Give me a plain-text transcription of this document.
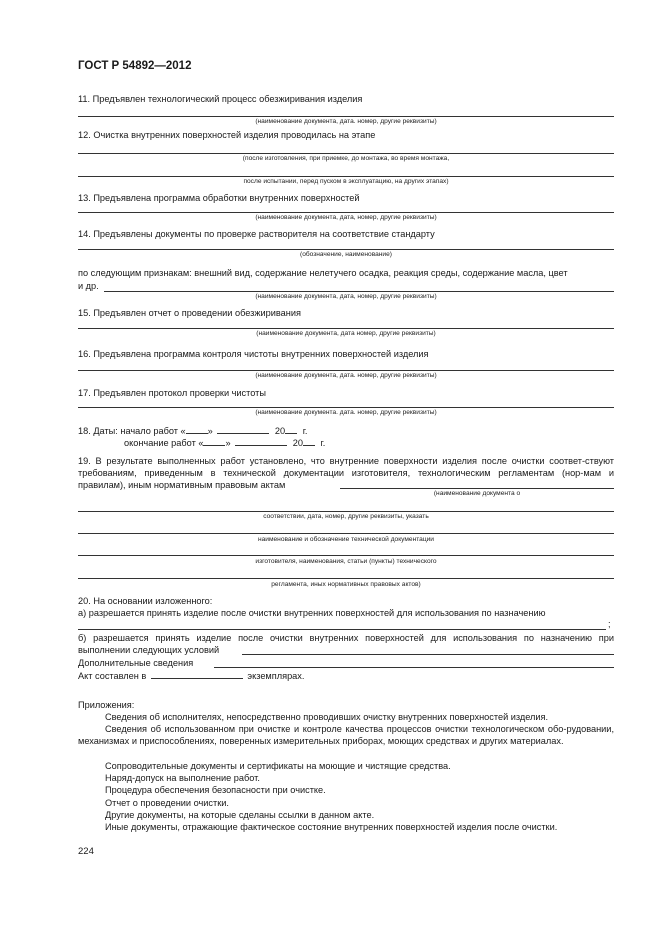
ГОСТ Р 54892—2012
11. Предъявлен технологический процесс обезжиривания изделия
(наименование документа, дата. номер, другие реквизиты)
12. Очистка внутренних поверхностей изделия проводилась на этапе
(после изготовления, при приемке, до монтажа, во время монтажа,
после испытании, перед пуском в эксплуатацию, на других этапах)
13. Предъявлена программа обработки внутренних поверхностей
(наименование документа, дата, номер, другие реквизиты)
14. Предъявлены документы по проверке растворителя на соответствие стандарту
(обозначение, наименование)
по следующим признакам: внешний вид, содержание нелетучего осадка, реакция среды, содержание масла, цвет
и др.
(наименование документа, дата, номер, другие реквизиты)
15. Предъявлен отчет о проведении обезжиривания
(наименование документа, дата номер, другие реквизиты)
16. Предъявлена программа контроля чистоты внутренних поверхностей изделия
(наименование документа, дата. номер, другие реквизиты)
17. Предъявлен протокол проверки чистоты
(наименование документа. дата. номер, другие реквизиты)
18. Даты: начало работ « »	20 г.
окончание работ « »	20 г.
19. В результате выполненных работ установлено, что внутренние поверхности изделия после очистки соответ-ствуют требованиям, приведенным в технической документации изготовителя, технологическим регламентам (нор-мам и правилам), иным нормативным правовым актам
(наименование документа о
соответствии, дата, номер, другие реквизиты, указать
наименование и обозначение технической документации
изготовителя, наименования, статьи (пункты) технического
регламента, иных нормативных правовых актов)
20. На основании изложенного:
а) разрешается принять изделие после очистки внутренних поверхностей для использования по назначению
;
б) разрешается принять изделие после очистки внутренних поверхностей для использования по назначению при выполнении следующих условий
Дополнительные сведения
Акт составлен в	экземплярах.
Приложения:
Сведения об исполнителях, непосредственно проводивших очистку внутренних поверхностей изделия.
Сведения об использованном при очистке и контроле качества процессов очистки технологическом обо-рудовании, механизмах и приспособлениях, поверенных измерительных приборах, моющих средствах и других материалах.
Сопроводительные документы и сертификаты на моющие и чистящие средства.
Наряд-допуск на выполнение работ.
Процедура обеспечения безопасности при очистке.
Отчет о проведении очистки.
Другие документы, на которые сделаны ссылки в данном акте.
Иные документы, отражающие фактическое состояние внутренних поверхностей изделия после очистки.
224
